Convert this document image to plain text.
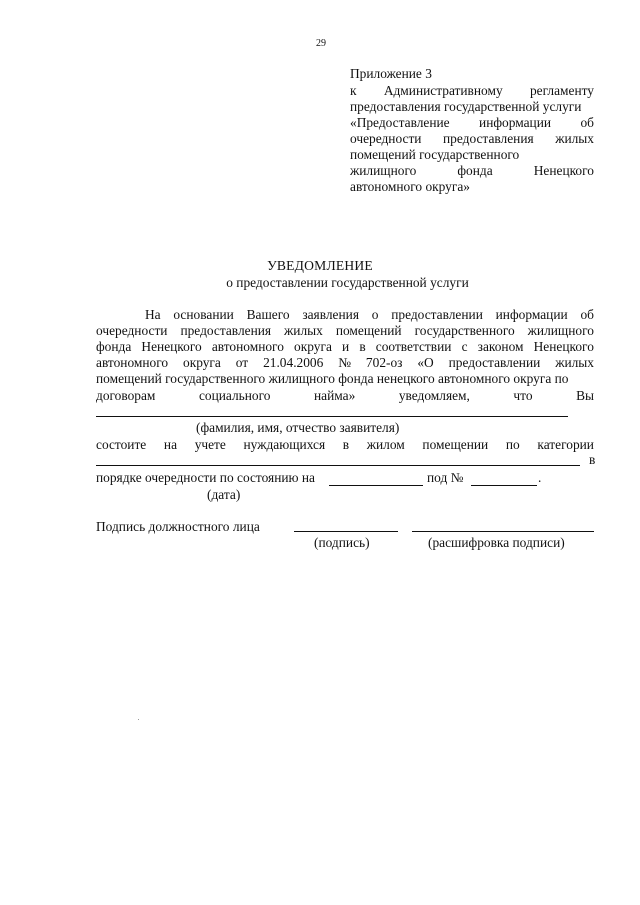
29
Приложение 3
к Административному регламенту
предоставления государственной услуги
«Предоставление информации об
очередности предоставления жилых
помещений государственного
жилищного	фонда	Ненецкого
автономного округа»
УВЕДОМЛЕНИЕ
о предоставлении государственной услуги
На основании Вашего заявления о предоставлении информации об
очередности предоставления жилых помещений государственного жилищного
фонда Ненецкого автономного округа и в соответствии с законом Ненецкого
автономного округа от 21.04.2006 № 702-оз «О предоставлении жилых
помещений государственного жилищного фонда ненецкого автономного округа по
договорам	социального	найма»	уведомляем,	что	Вы
(фамилия, имя, отчество заявителя)
состоите на учете нуждающихся в жилом помещении по категории
в
порядке очередности по состоянию на	под №	.
(дата)
Подпись должностного лица
(подпись)	(расшифровка подписи)
